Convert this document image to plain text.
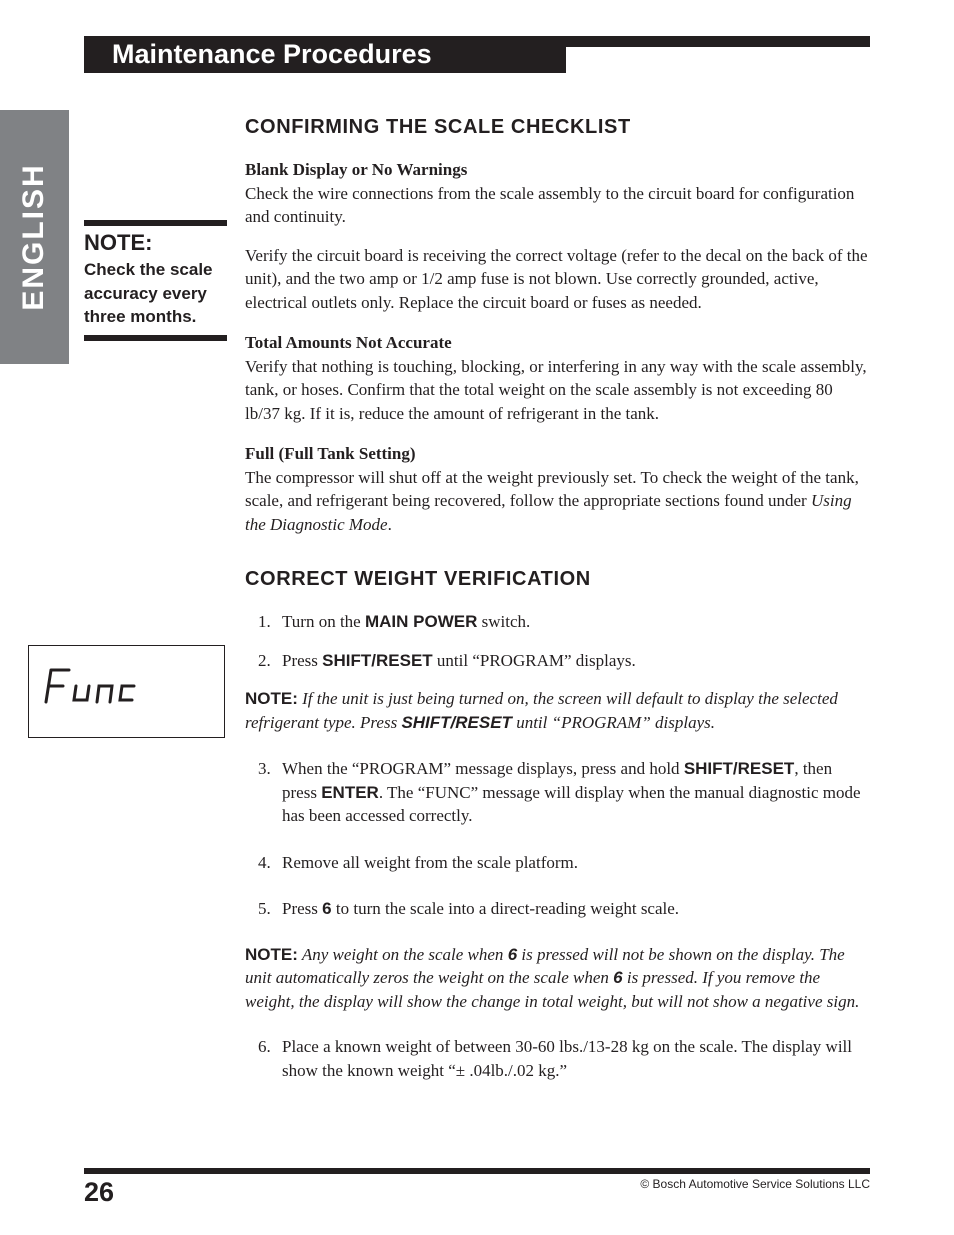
Maintenance Procedures
ENGLISH NOTE:
Check the scale
accuracy every
three months.
CONFIRMING THE SCALE CHECKLIST

Blank Display or No Warnings

Check the wire connections from the scale assembly to the circuit board for configuration and continuity.

Verify the circuit board is receiving the correct voltage (refer to the decal on the back of the unit), and the two amp or 1/2 amp fuse is not blown. Use correctly grounded, active, electrical outlets only. Replace the circuit board or fuses as needed.

Total Amounts Not Accurate

Verify that nothing is touching, blocking, or interfering in any way with the scale assembly, tank, or hoses. Confirm that the total weight on the scale assembly is not exceeding 80 lb/37 kg. If it is, reduce the amount of refrigerant in the tank.

Full (Full Tank Setting)

The compressor will shut off at the weight previously set. To check the weight of the tank, scale, and refrigerant being recovered, follow the appropriate sections found under Using the Diagnostic Mode.

CORRECT WEIGHT VERIFICATION
1. Turn on the MAIN POWER switch.
2. Press SHIFT/RESET until “PROGRAM” displays.

NOTE: If the unit is just being turned on, the screen will default to display the selected refrigerant type. Press SHIFT/RESET until “PROGRAM” displays.

3. When the “PROGRAM” message displays, press and hold SHIFT/RESET, then press ENTER. The “FUNC” message will display when the manual diagnostic mode has been accessed correctly.
4. Remove all weight from the scale platform.
5. Press 6 to turn the scale into a direct-reading weight scale.

NOTE: Any weight on the scale when 6 is pressed will not be shown on the display. The unit automatically zeros the weight on the scale when 6 is pressed. If you remove the weight, the display will show the change in total weight, but will not show a negative sign.

6. Place a known weight of between 30-60 lbs./13-28 kg on the scale. The display will show the known weight “± .04lb./.02 kg.”
26	© Bosch Automotive Service Solutions LLC
